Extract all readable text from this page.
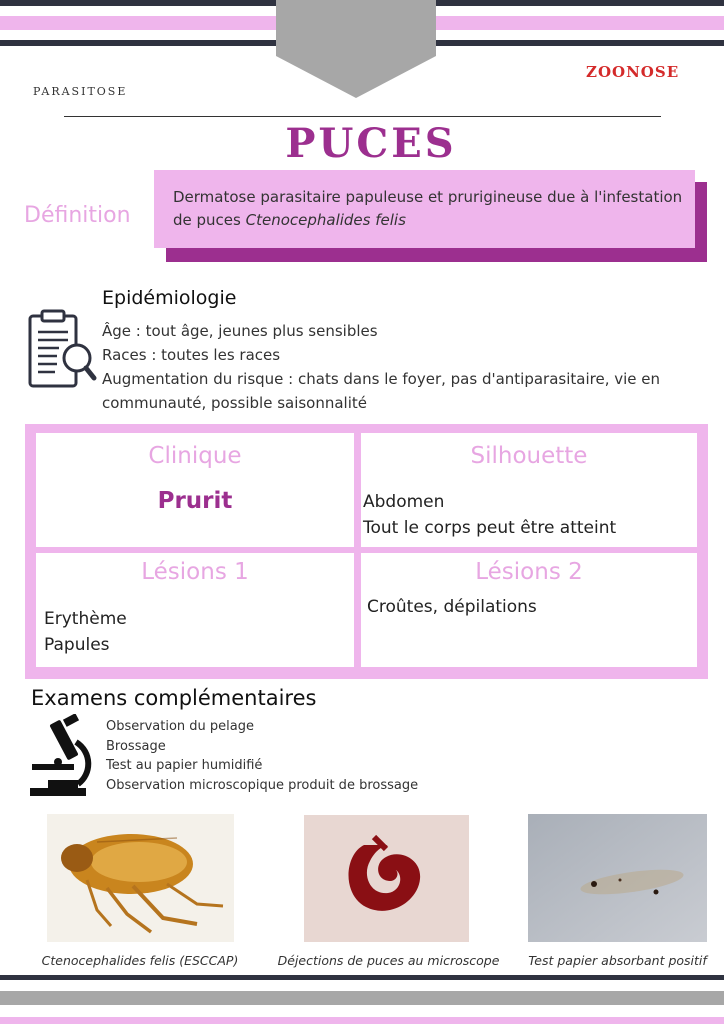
PARASITOSE
ZOONOSE
PUCES
Définition
Dermatose parasitaire papuleuse et prurigineuse due à l'infestation de puces Ctenocephalides felis
Epidémiologie
Âge : tout âge, jeunes plus sensibles
Races : toutes les races
Augmentation du risque : chats dans le foyer, pas d'antiparasitaire, vie en
communauté, possible saisonnalité
Clinique
Prurit
Silhouette
Abdomen
Tout le corps peut être atteint
Lésions 1
Erythème
Papules
Lésions 2
Croûtes, dépilations
Examens complémentaires
Observation du pelage
Brossage
Test au papier humidifié
Observation microscopique produit de brossage
Ctenocephalides felis (ESCCAP)	Déjections de puces au microscope	Test papier absorbant positif
